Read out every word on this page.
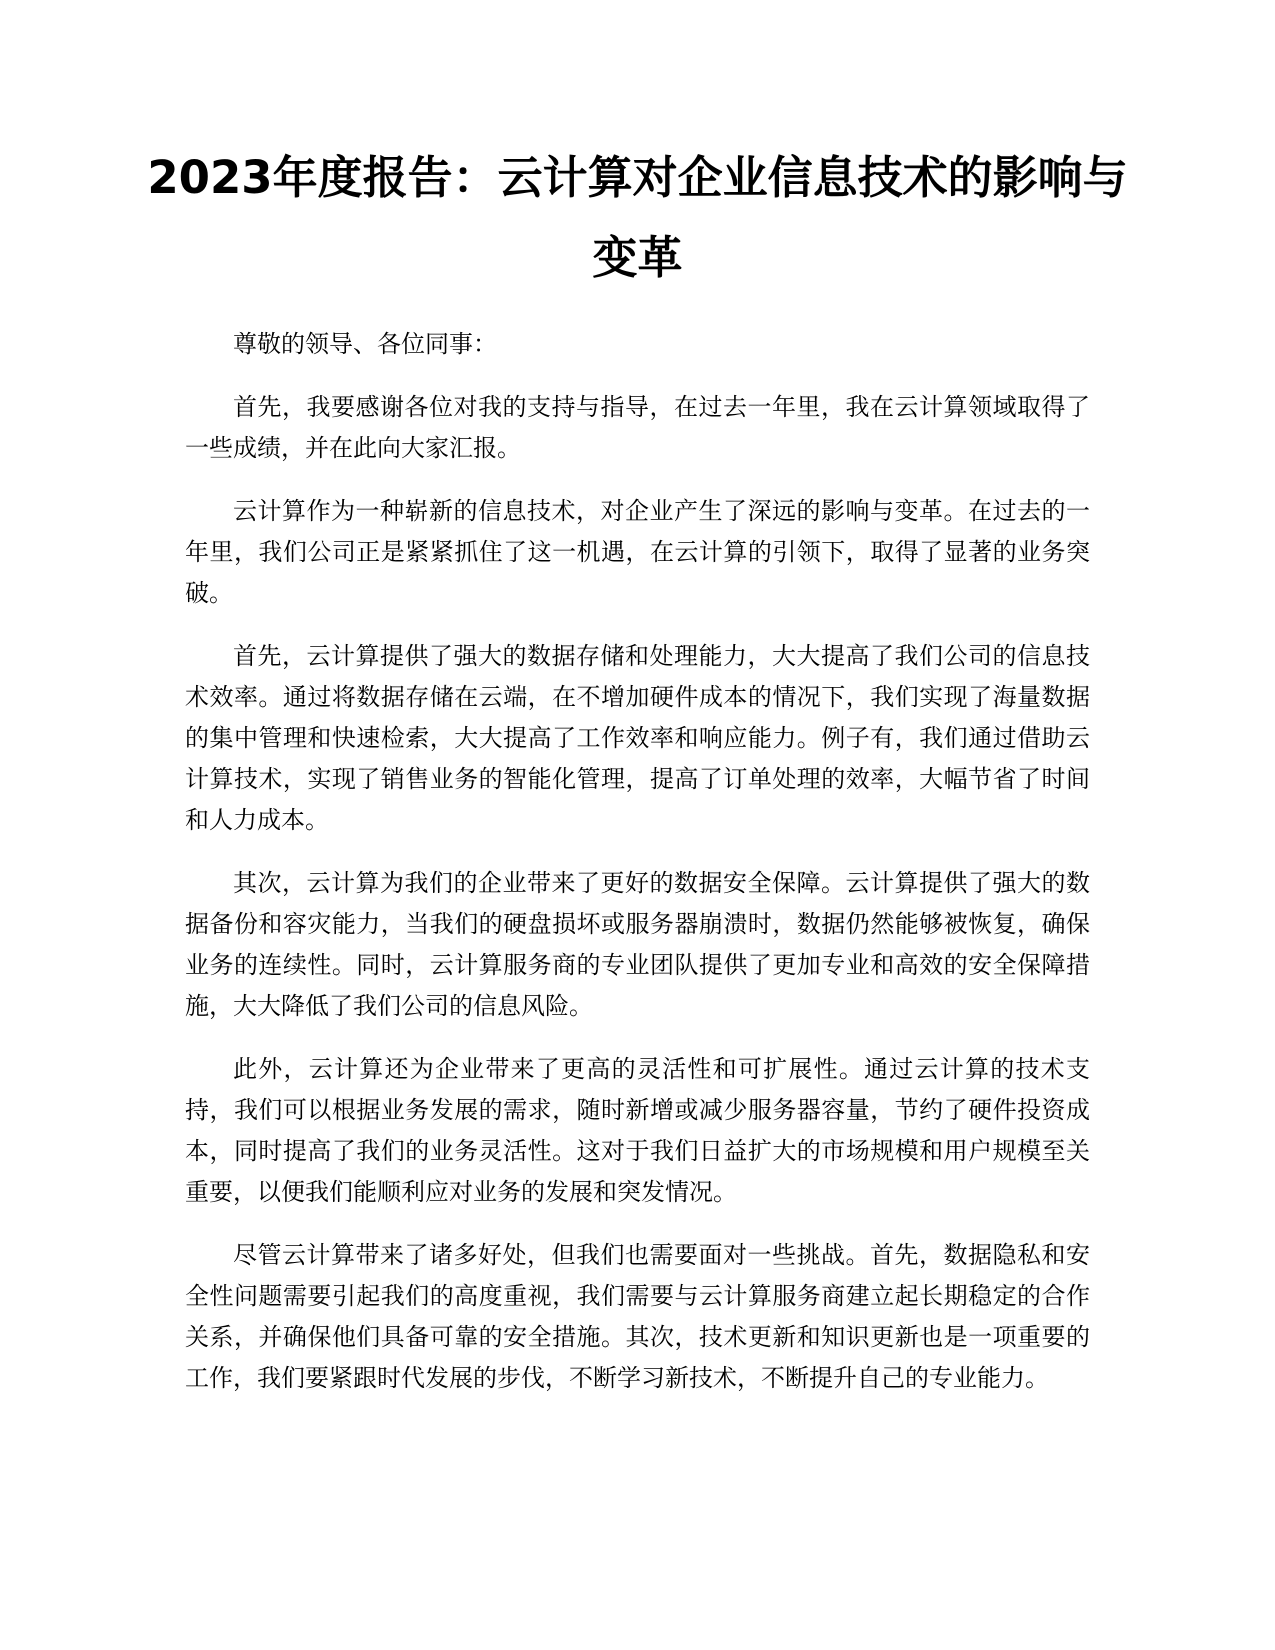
2023年度报告：云计算对企业信息技术的影响与变革

尊敬的领导、各位同事：

首先，我要感谢各位对我的支持与指导，在过去一年里，我在云计算领域取得了一些成绩，并在此向大家汇报。

云计算作为一种崭新的信息技术，对企业产生了深远的影响与变革。在过去的一年里，我们公司正是紧紧抓住了这一机遇，在云计算的引领下，取得了显著的业务突破。

首先，云计算提供了强大的数据存储和处理能力，大大提高了我们公司的信息技术效率。通过将数据存储在云端，在不增加硬件成本的情况下，我们实现了海量数据的集中管理和快速检索，大大提高了工作效率和响应能力。例子有，我们通过借助云计算技术，实现了销售业务的智能化管理，提高了订单处理的效率，大幅节省了时间和人力成本。

其次，云计算为我们的企业带来了更好的数据安全保障。云计算提供了强大的数据备份和容灾能力，当我们的硬盘损坏或服务器崩溃时，数据仍然能够被恢复，确保业务的连续性。同时，云计算服务商的专业团队提供了更加专业和高效的安全保障措施，大大降低了我们公司的信息风险。

此外，云计算还为企业带来了更高的灵活性和可扩展性。通过云计算的技术支持，我们可以根据业务发展的需求，随时新增或减少服务器容量，节约了硬件投资成本，同时提高了我们的业务灵活性。这对于我们日益扩大的市场规模和用户规模至关重要，以便我们能顺利应对业务的发展和突发情况。

尽管云计算带来了诸多好处，但我们也需要面对一些挑战。首先，数据隐私和安全性问题需要引起我们的高度重视，我们需要与云计算服务商建立起长期稳定的合作关系，并确保他们具备可靠的安全措施。其次，技术更新和知识更新也是一项重要的工作，我们要紧跟时代发展的步伐，不断学习新技术，不断提升自己的专业能力。
